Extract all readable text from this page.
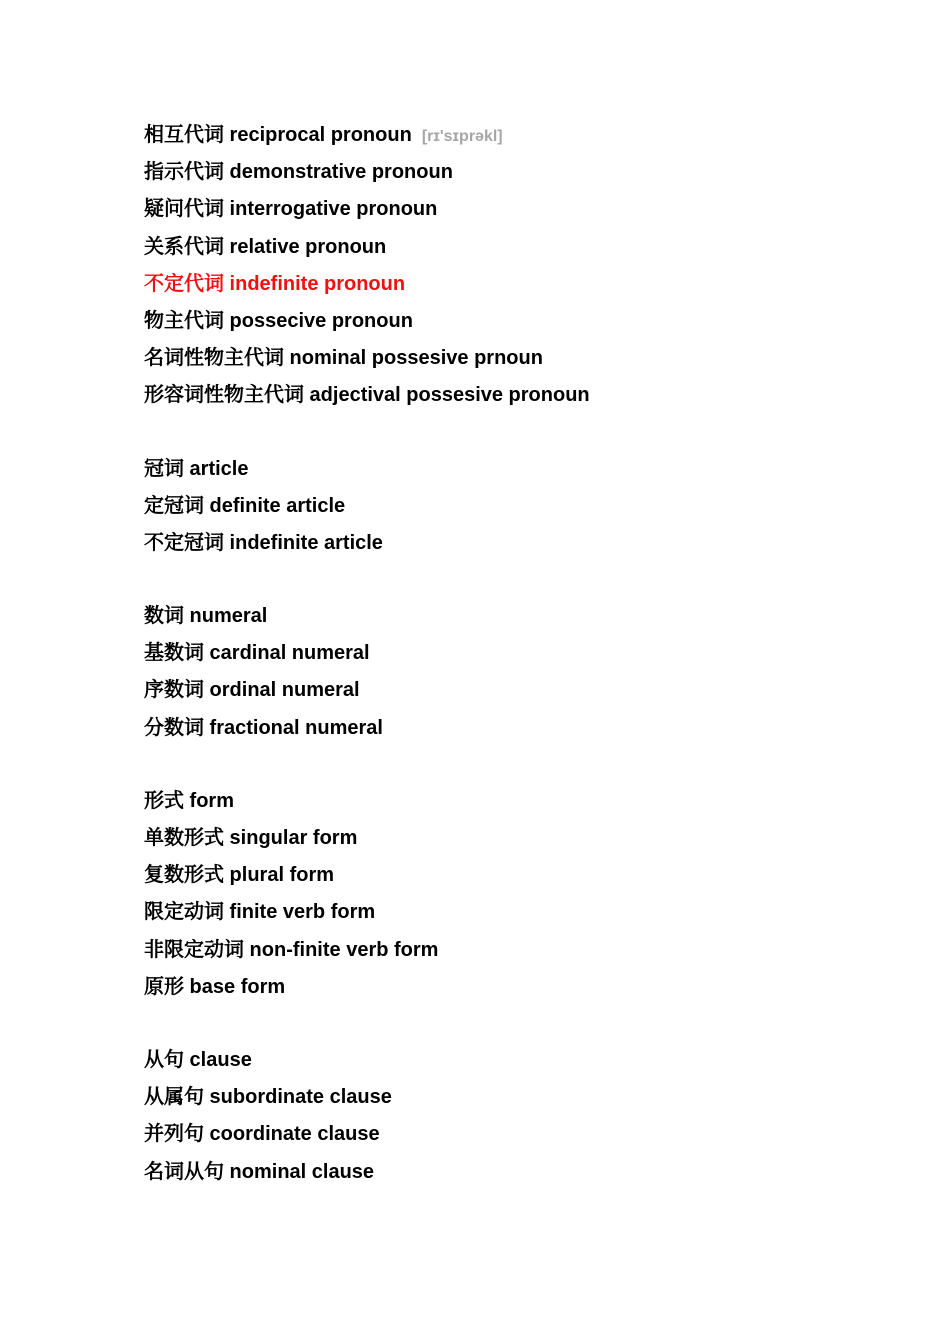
相互代词 reciprocal pronoun [rɪ'sɪprəkl]
指示代词 demonstrative pronoun
疑问代词 interrogative pronoun
关系代词 relative pronoun
不定代词 indefinite pronoun
物主代词 possecive pronoun
名词性物主代词 nominal possesive prnoun
形容词性物主代词 adjectival possesive pronoun
冠词 article
定冠词 definite article
不定冠词 indefinite article
数词 numeral
基数词 cardinal numeral
序数词 ordinal numeral
分数词 fractional numeral
形式 form
单数形式 singular form
复数形式 plural form
限定动词 finite verb form
非限定动词 non-finite verb form
原形 base form
从句 clause
从属句 subordinate clause
并列句 coordinate clause
名词从句 nominal clause
